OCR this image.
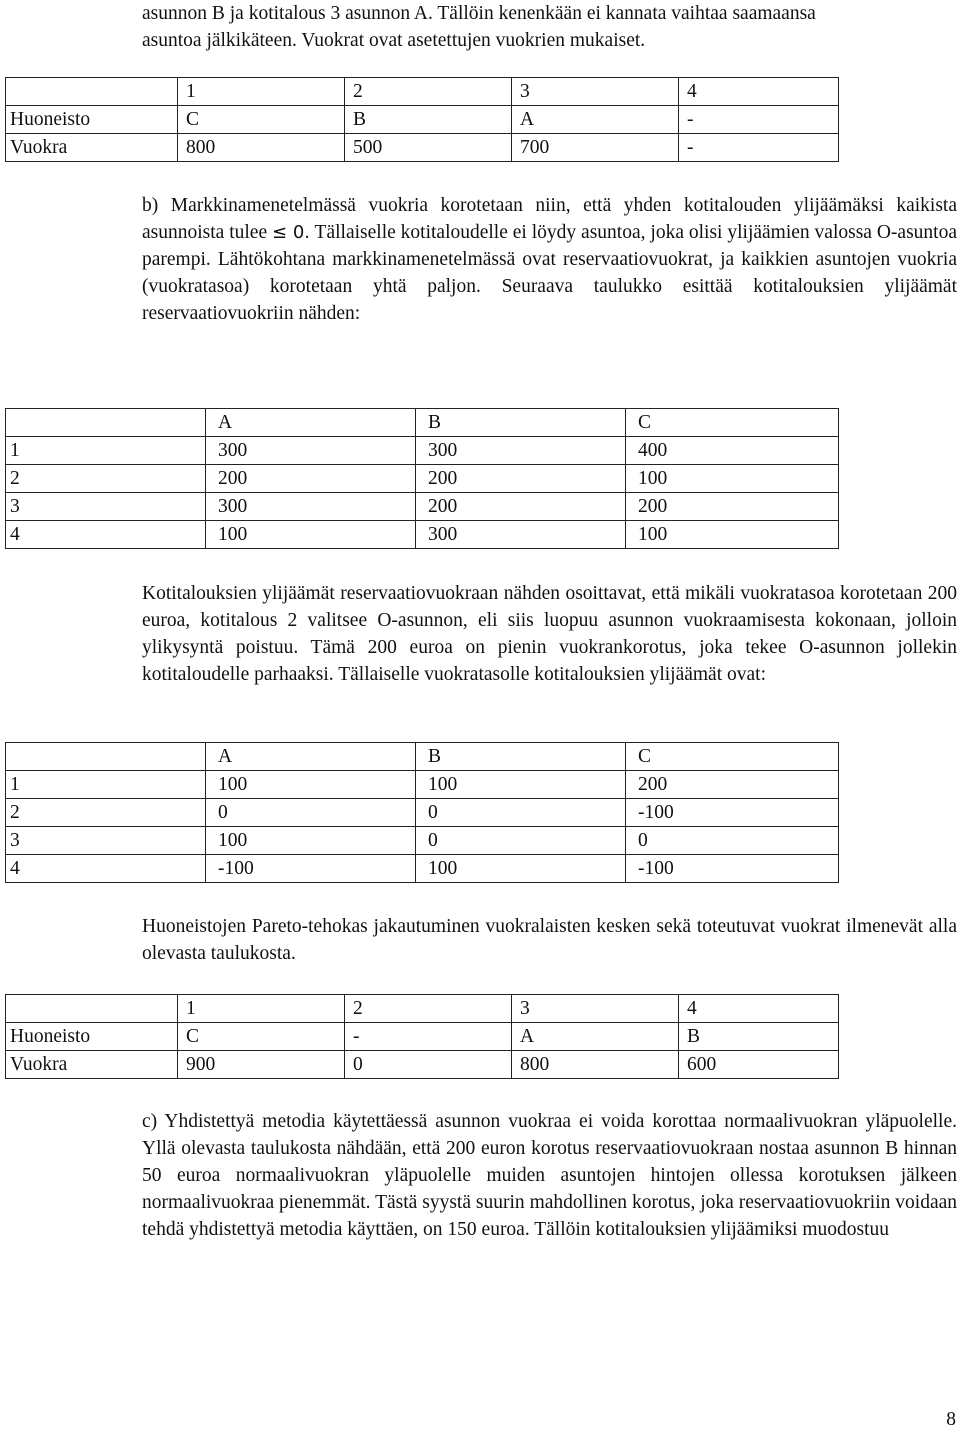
asunnon B ja kotitalous 3 asunnon A. Tällöin kenenkään ei kannata vaihtaa saamaansa

asuntoa jälkikäteen. Vuokrat ovat asetettujen vuokrien mukaiset.

	1	2	3	4
Huoneisto	C	B	A	-
Vuokra	800	500	700	-

b) Markkinamenetelmässä vuokria korotetaan niin, että yhden kotitalouden ylijäämäksi kaikista asunnoista tulee ≤ 0. Tällaiselle kotitaloudelle ei löydy asuntoa, joka olisi ylijäämien valossa O-asuntoa parempi. Lähtökohtana markkinamenetelmässä ovat reservaatiovuokrat, ja kaikkien asuntojen vuokria (vuokratasoa) korotetaan yhtä paljon. Seuraava taulukko esittää kotitalouksien ylijäämät reservaatiovuokriin nähden:

	A	B	C
1	300	300	400
2	200	200	100
3	300	200	200
4	100	300	100

Kotitalouksien ylijäämät reservaatiovuokraan nähden osoittavat, että mikäli vuokratasoa korotetaan 200 euroa, kotitalous 2 valitsee O-asunnon, eli siis luopuu asunnon vuokraamisesta kokonaan, jolloin ylikysyntä poistuu. Tämä 200 euroa on pienin vuokrankorotus, joka tekee O-asunnon jollekin kotitaloudelle parhaaksi. Tällaiselle vuokratasolle kotitalouksien ylijäämät ovat:

	A	B	C
1	100	100	200
2	0	0	-100
3	100	0	0
4	-100	100	-100

Huoneistojen Pareto-tehokas jakautuminen vuokralaisten kesken sekä toteutuvat vuokrat ilmenevät alla olevasta taulukosta.

	1	2	3	4
Huoneisto	C	-	A	B
Vuokra	900	0	800	600

c) Yhdistettyä metodia käytettäessä asunnon vuokraa ei voida korottaa normaalivuokran yläpuolelle. Yllä olevasta taulukosta nähdään, että 200 euron korotus reservaatiovuokraan nostaa asunnon B hinnan 50 euroa normaalivuokran yläpuolelle muiden asuntojen hintojen ollessa korotuksen jälkeen normaalivuokraa pienemmät. Tästä syystä suurin mahdollinen korotus, joka reservaatiovuokriin voidaan tehdä yhdistettyä metodia käyttäen, on 150 euroa. Tällöin kotitalouksien ylijäämiksi muodostuu

8
